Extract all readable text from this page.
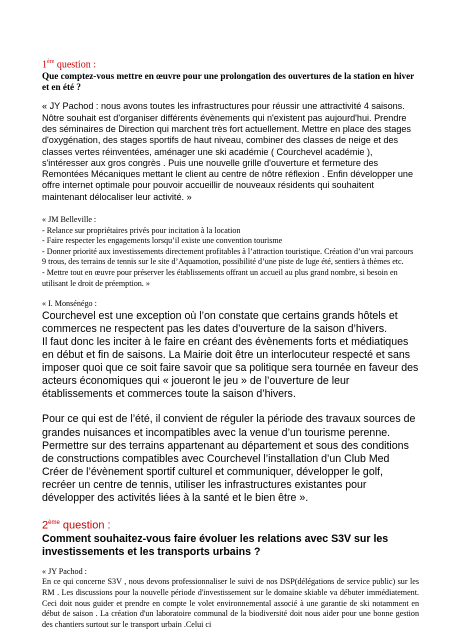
1ère question :

Que comptez-vous mettre en œuvre pour une prolongation des ouvertures de la station en hiver et en été ?

« JY Pachod : nous avons toutes les infrastructures pour réussir une attractivité 4 saisons. Nôtre souhait est d'organiser différents évènements qui n'existent pas aujourd'hui. Prendre des séminaires de Direction qui marchent très fort actuellement. Mettre en place des stages d'oxygénation, des stages sportifs de haut niveau, combiner des classes de neige et des classes vertes réinventées, aménager une ski académie ( Courchevel académie ), s'intéresser aux gros congrès . Puis une nouvelle grille d'ouverture et fermeture des Remontées Mécaniques mettant le client au centre de nôtre réflexion . Enfin développer une offre internet optimale pour pouvoir accueillir de nouveaux résidents qui souhaitent maintenant délocaliser leur activité. »

« JM Belleville :
- Relance sur propriétaires privés pour incitation à la location
- Faire respecter les engagements lorsqu’il existe une convention tourisme
- Donner priorité aux investissements directement profitables à l’attraction touristique. Création d’un vrai parcours 9 trous, des terrains de tennis sur le site d’Aquamotion, possibilité d’une piste de luge été, sentiers à thèmes etc.
- Mettre tout en œuvre pour préserver les établissements offrant un accueil au plus grand nombre, si besoin en utilisant le droit de préemption. »
« I. Monsénégo :

Courchevel est une exception où l’on constate que certains grands hôtels et commerces ne respectent pas les dates d’ouverture de la saison d’hivers.

Il faut donc les inciter à le faire en créant des évènements forts et médiatiques en début et fin de saisons. La Mairie doit être un interlocuteur respecté et sans imposer quoi que ce soit faire savoir que sa politique sera tournée en faveur des acteurs économiques qui « joueront le jeu » de l’ouverture de leur établissements et commerces toute la saison d’hivers.

Pour ce qui est de l’été, il convient de réguler la période des travaux sources de grandes nuisances et incompatibles avec la venue d’un tourisme perenne.

Permettre sur des terrains appartenant au département et sous des conditions de constructions compatibles avec Courchevel l’installation d’un Club Med

Créer de l’évènement sportif culturel et communiquer, développer le golf, recréer un centre de tennis, utiliser les infrastructures existantes pour développer des activités liées à la santé et le bien être ».

2ème question :

Comment souhaitez-vous faire évoluer les relations avec S3V sur les investissements et les transports urbains ?

« JY Pachod :

En ce qui concerne S3V , nous devons professionnaliser le suivi de nos DSP(délégations de service public) sur les RM . Les discussions pour la nouvelle période d'investissement sur le domaine skiable va débuter immédiatement. Ceci doit nous guider et prendre en compte le volet environnemental associé à une garantie de ski notamment en début de saison . La création d'un laboratoire communal de la biodiversité doit nous aider pour une bonne gestion des chantiers surtout sur le transport urbain .Celui ci
